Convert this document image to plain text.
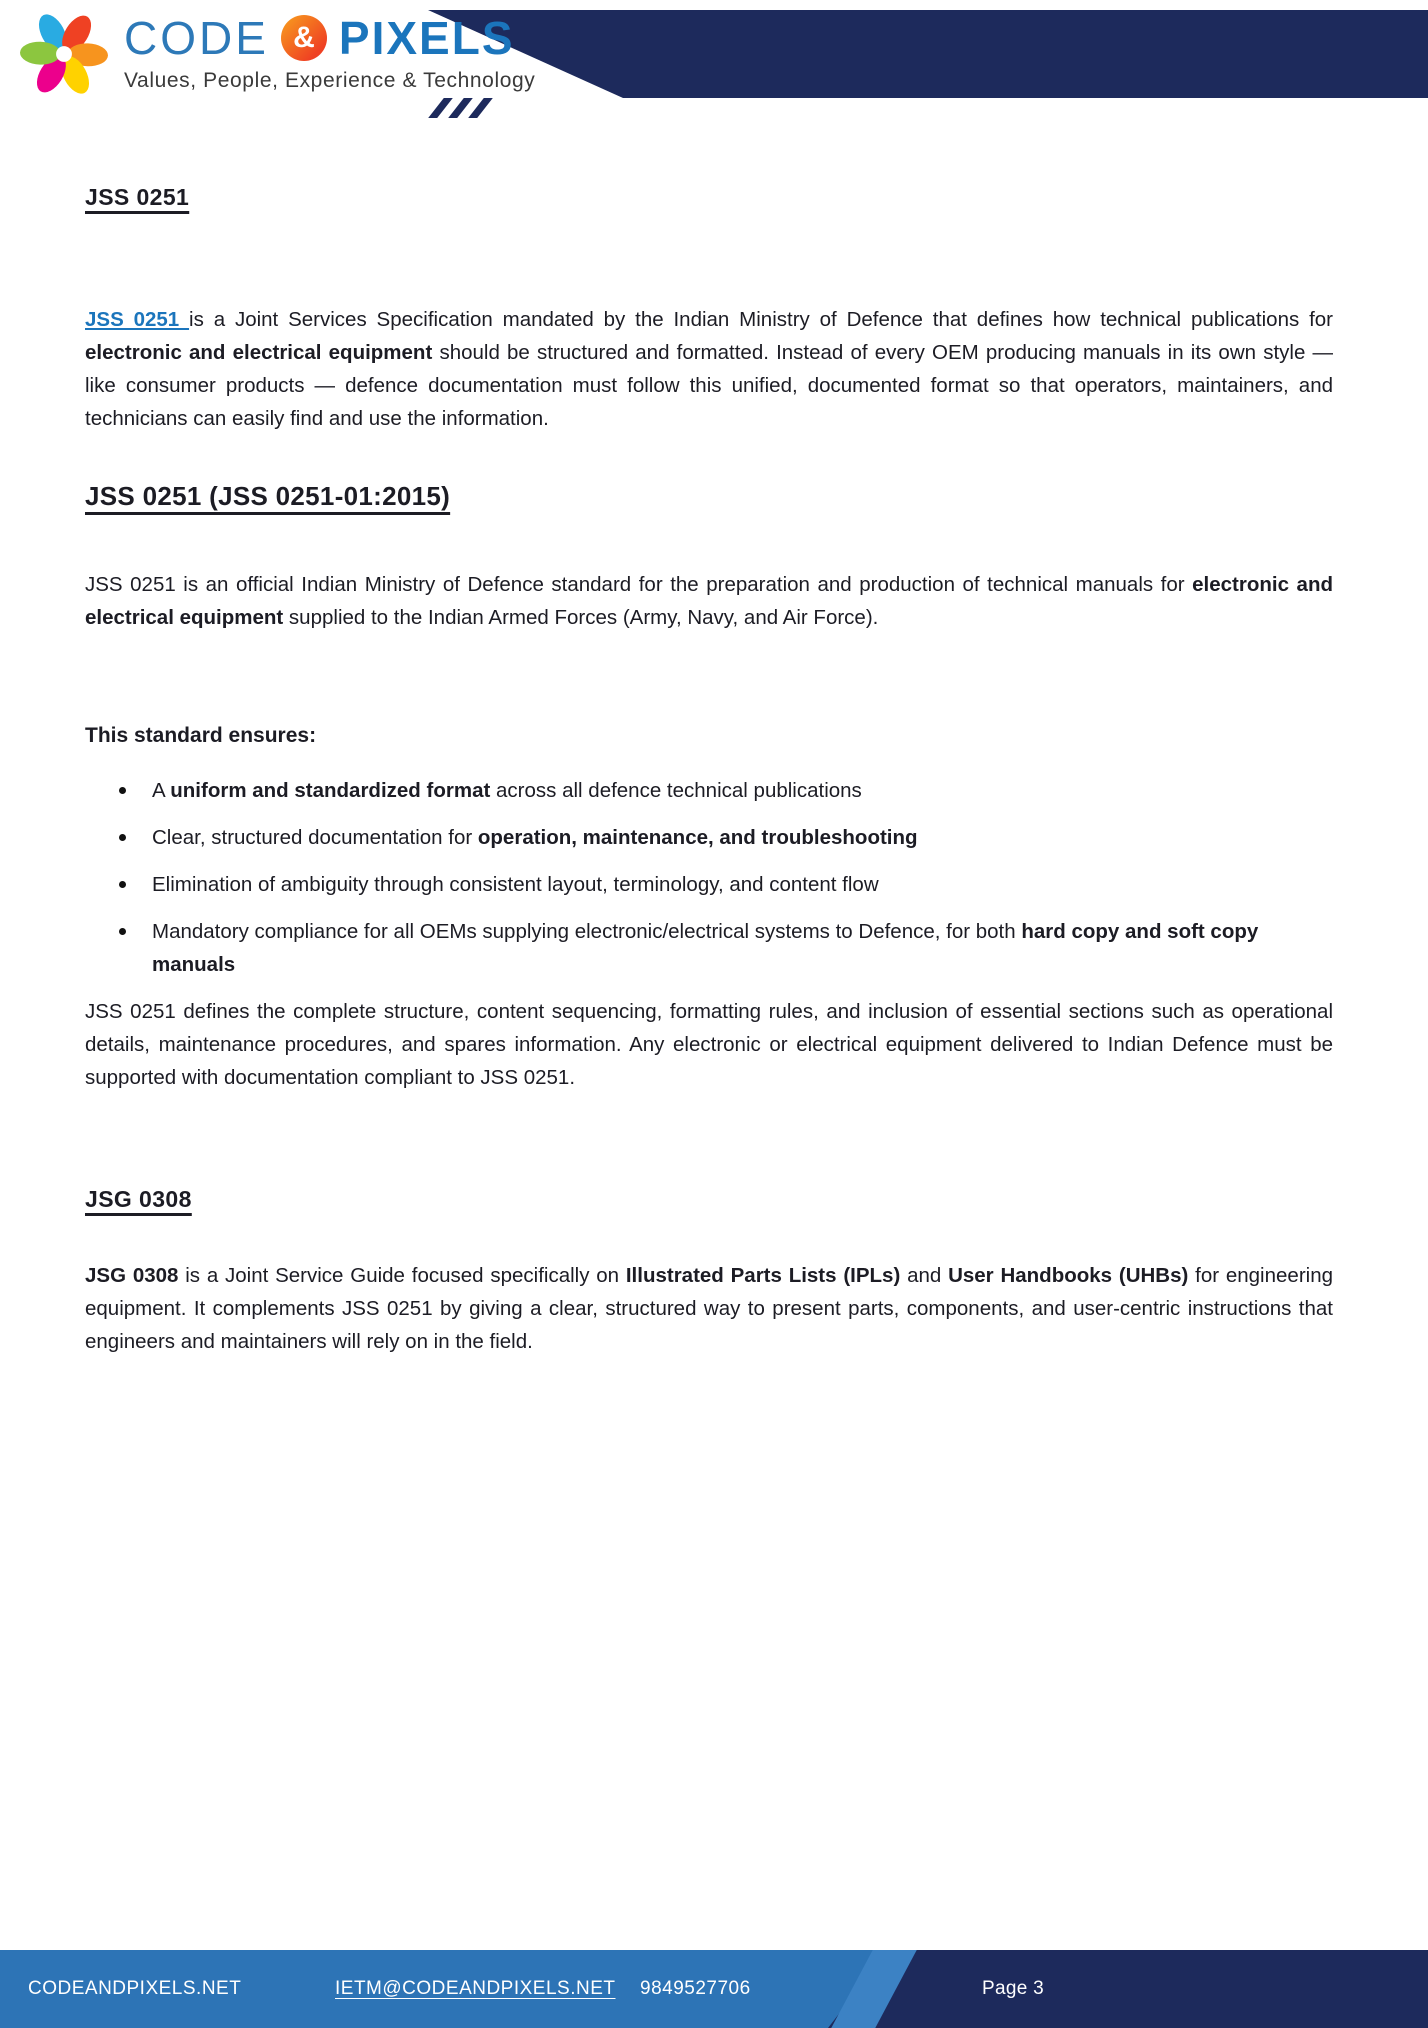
CODE & PIXELS
Values, People, Experience & Technology
JSS 0251

JSS 0251 is a Joint Services Specification mandated by the Indian Ministry of Defence that defines how technical publications for electronic and electrical equipment should be structured and formatted. Instead of every OEM producing manuals in its own style — like consumer products — defence documentation must follow this unified, documented format so that operators, maintainers, and technicians can easily find and use the information.

JSS 0251 (JSS 0251-01:2015)

JSS 0251 is an official Indian Ministry of Defence standard for the preparation and production of technical manuals for electronic and electrical equipment supplied to the Indian Armed Forces (Army, Navy, and Air Force).

This standard ensures:
A uniform and standardized format across all defence technical publications
Clear, structured documentation for operation, maintenance, and troubleshooting
Elimination of ambiguity through consistent layout, terminology, and content flow
Mandatory compliance for all OEMs supplying electronic/electrical systems to Defence, for both hard copy and soft copy manuals

JSS 0251 defines the complete structure, content sequencing, formatting rules, and inclusion of essential sections such as operational details, maintenance procedures, and spares information. Any electronic or electrical equipment delivered to Indian Defence must be supported with documentation compliant to JSS 0251.

JSG 0308

JSG 0308 is a Joint Service Guide focused specifically on Illustrated Parts Lists (IPLs) and User Handbooks (UHBs) for engineering equipment. It complements JSS 0251 by giving a clear, structured way to present parts, components, and user-centric instructions that engineers and maintainers will rely on in the field.

CODEANDPIXELS.NET	IETM@CODEANDPIXELS.NET 9849527706	Page 3
